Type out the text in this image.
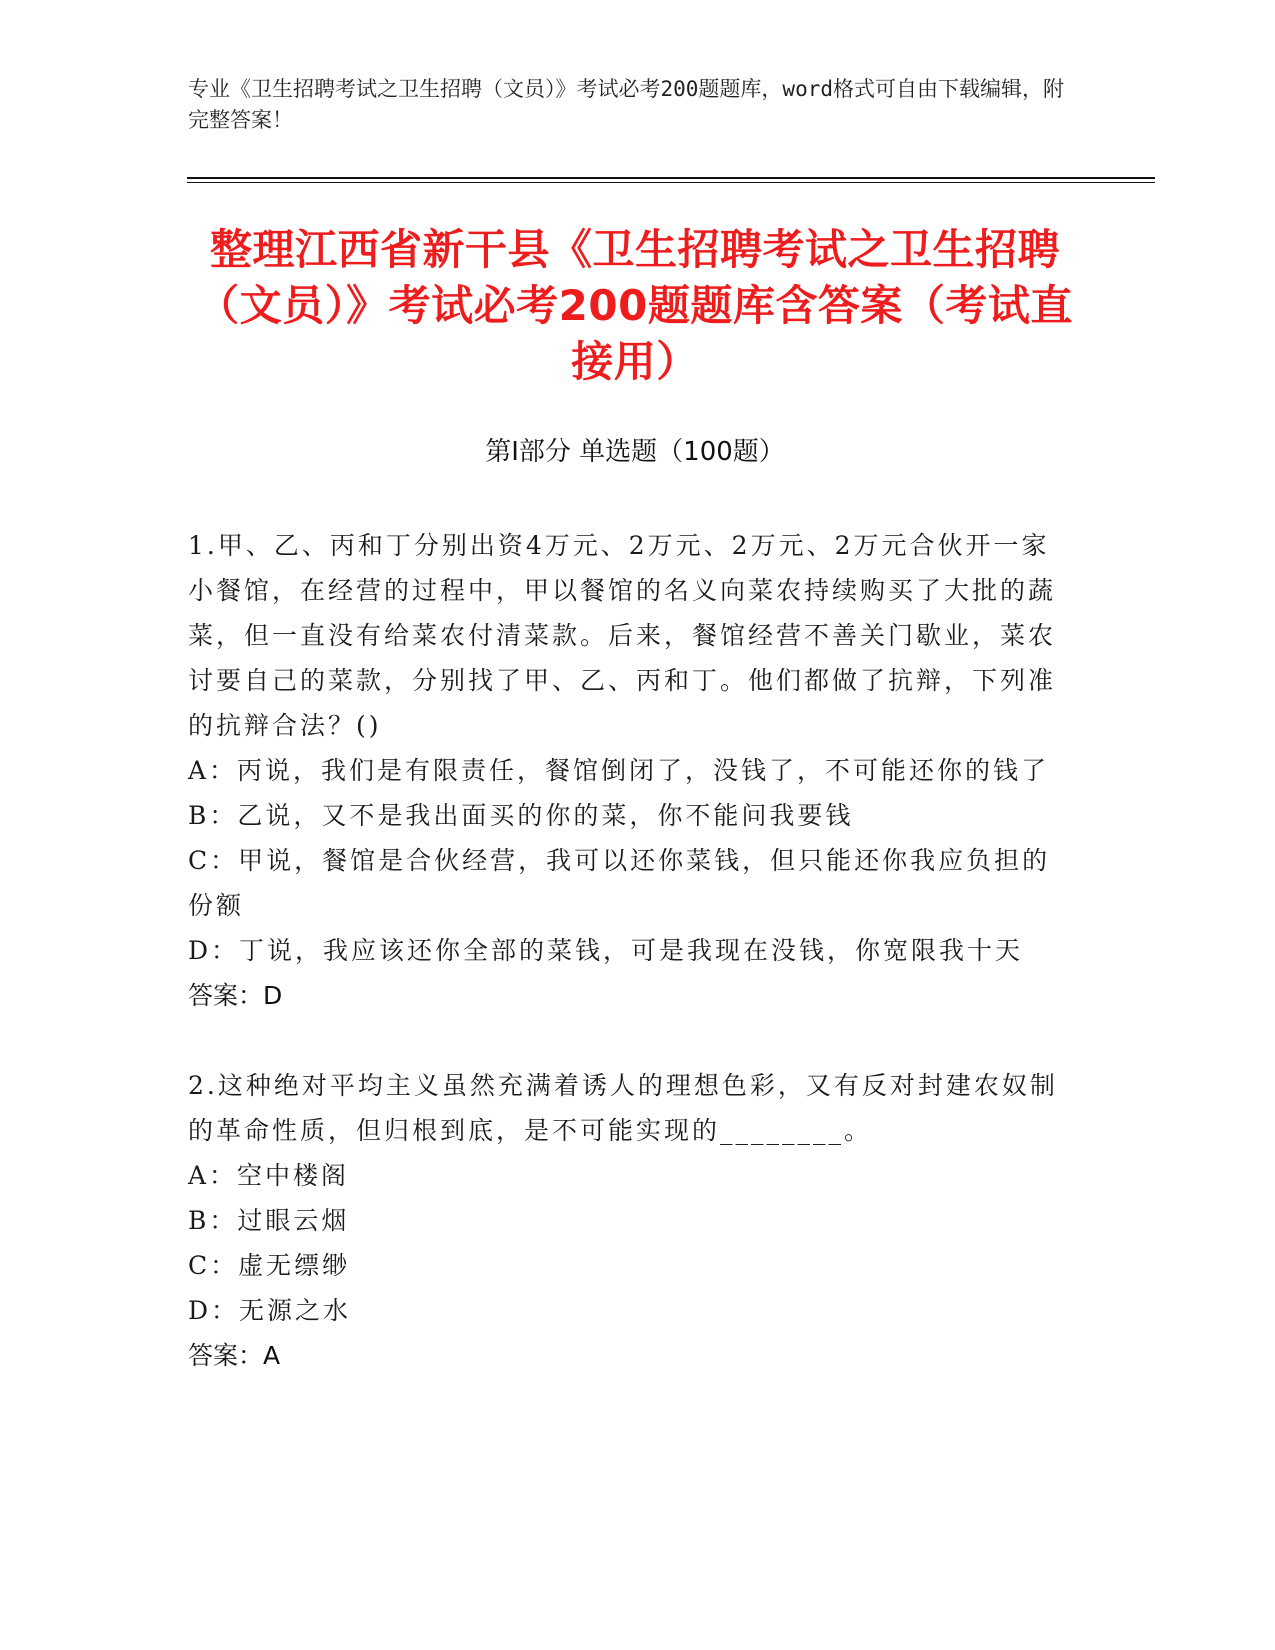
专业《卫生招聘考试之卫生招聘（文员）》考试必考200题题库，word格式可自由下载编辑，附完整答案！
整理江西省新干县《卫生招聘考试之卫生招聘（文员）》考试必考200题题库含答案（考试直接用）
第I部分 单选题（100题）
1.甲、乙、丙和丁分别出资4万元、2万元、2万元、2万元合伙开一家小餐馆，在经营的过程中，甲以餐馆的名义向菜农持续购买了大批的蔬菜，但一直没有给菜农付清菜款。后来，餐馆经营不善关门歇业，菜农讨要自己的菜款，分别找了甲、乙、丙和丁。他们都做了抗辩，下列准的抗辩合法？()
A：丙说，我们是有限责任，餐馆倒闭了，没钱了，不可能还你的钱了
B：乙说，又不是我出面买的你的菜，你不能问我要钱
C：甲说，餐馆是合伙经营，我可以还你菜钱，但只能还你我应负担的份额
D：丁说，我应该还你全部的菜钱，可是我现在没钱，你宽限我十天
答案：D
2.这种绝对平均主义虽然充满着诱人的理想色彩，又有反对封建农奴制的革命性质，但归根到底，是不可能实现的________。
A：空中楼阁
B：过眼云烟
C：虚无缥缈
D：无源之水
答案：A
